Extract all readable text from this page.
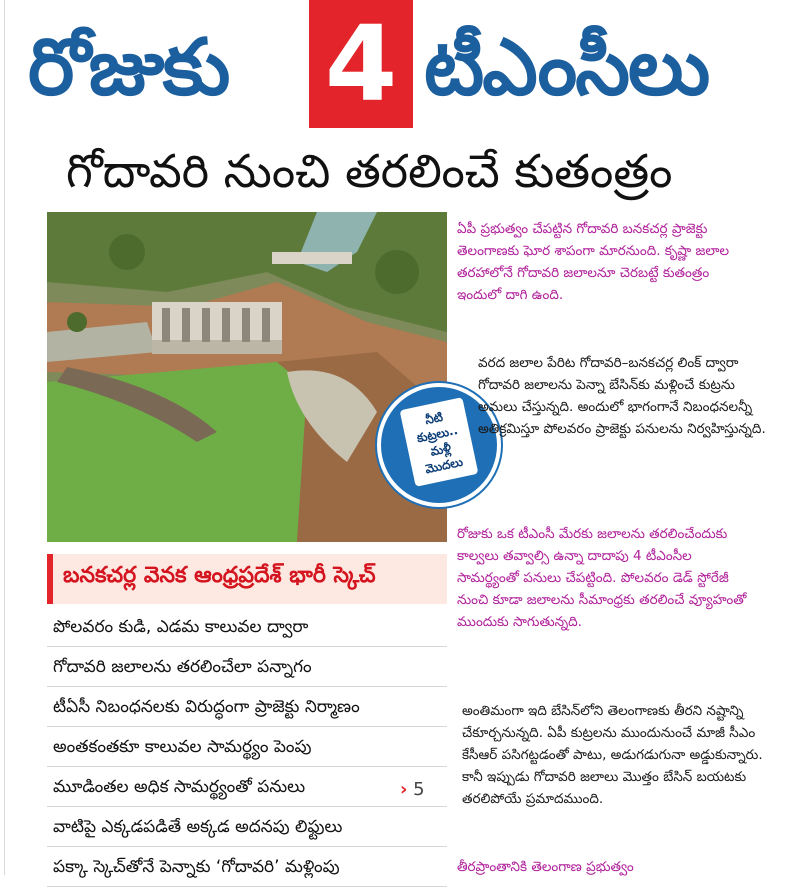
రోజుకు 4 టీఎంసీలు
గోదావరి నుంచి తరలించే కుతంత్రం
నీటి
కుట్రలు..
మళ్లీ
మొదలు

ఏపీ ప్రభుత్వం చేపట్టిన గోదావరి బనకచర్ల ప్రాజెక్టు తెలంగాణకు ఘోర శాపంగా మారనుంది. కృష్ణా జలాల తరహాలోనే గోదావరి జలాలనూ చెరబట్టే కుతంత్రం ఇందులో దాగి ఉంది.

వరద జలాల పేరిట గోదావరి–బనకచర్ల లింక్ ద్వారా గోదావరి జలాలను పెన్నా బేసిన్‌కు మళ్లించే కుట్రను అమలు చేస్తున్నది. అందులో భాగంగానే నిబంధనలన్నీ అతిక్రమిస్తూ పోలవరం ప్రాజెక్టు పనులను నిర్వహిస్తున్నది.

రోజుకు ఒక టీఎంసీ మేరకు జలాలను తరలించేందుకు కాల్వలు తవ్వాల్సి ఉన్నా దాదాపు 4 టీఎంసీల సామర్థ్యంతో పనులు చేపట్టింది. పోలవరం డెడ్ స్టోరేజీ నుంచి కూడా జలాలను సీమాంధ్రకు తరలించే వ్యూహంతో ముందుకు సాగుతున్నది.

అంతిమంగా ఇది బేసిన్‌లోని తెలంగాణకు తీరని నష్టాన్ని చేకూర్చనున్నది. ఏపీ కుట్రలను ముందునుంచే మాజీ సీఎం కేసీఆర్ పసిగట్టడంతో పాటు, అడుగడుగునా అడ్డుకున్నారు. కానీ ఇప్పుడు గోదావరి జలాలు మొత్తం బేసిన్ బయటకు తరలిపోయే ప్రమాదముంది.

తీరప్రాంతానికి తెలంగాణ ప్రభుత్వం
బనకచర్ల వెనక ఆంధ్రప్రదేశ్ భారీ స్కెచ్
పోలవరం కుడి, ఎడమ కాలువల ద్వారా
గోదావరి జలాలను తరలించేలా పన్నాగం
టీఏసీ నిబంధనలకు విరుద్ధంగా ప్రాజెక్టు నిర్మాణం
అంతకంతకూ కాలువల సామర్థ్యం పెంపు
మూడింతల అధిక సామర్థ్యంతో పనులు
వాటిపై ఎక్కడపడితే అక్కడ అదనపు లిఫ్టులు
పక్కా స్కెచ్‌తోనే పెన్నాకు ‘గోదావరి’ మళ్లింపు
› 5
